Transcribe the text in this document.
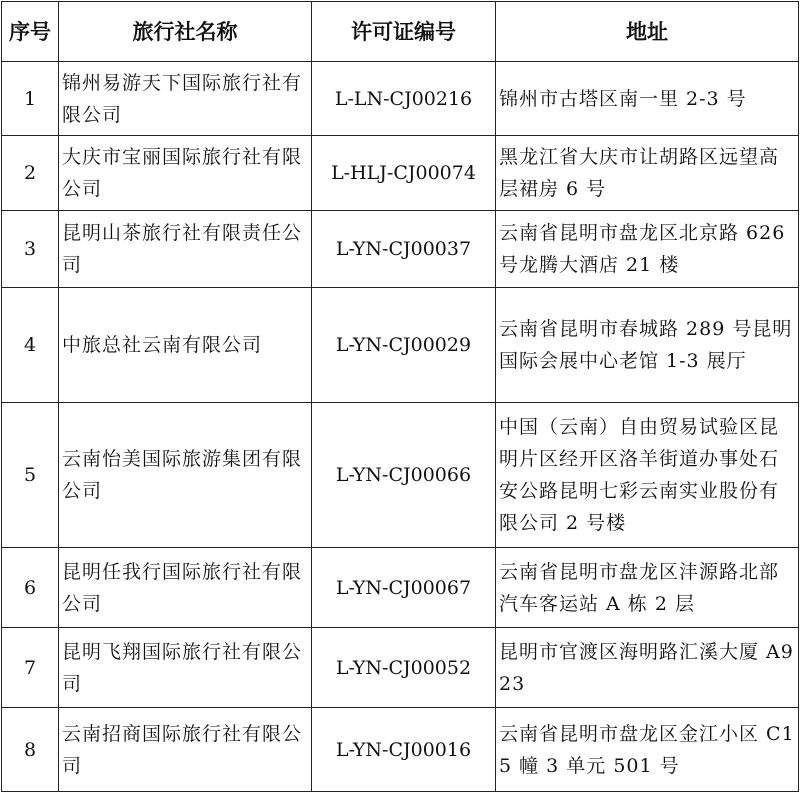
序号	旅行社名称	许可证编号	地址
1	锦州易游天下国际旅行社有限公司	L-LN-CJ00216	锦州市古塔区南一里 2-3 号
2	大庆市宝丽国际旅行社有限公司	L-HLJ-CJ00074	黑龙江省大庆市让胡路区远望高层裙房 6 号
3	昆明山茶旅行社有限责任公司	L-YN-CJ00037	云南省昆明市盘龙区北京路 626 号龙腾大酒店 21 楼
4	中旅总社云南有限公司	L-YN-CJ00029	云南省昆明市春城路 289 号昆明国际会展中心老馆 1-3 展厅
5	云南怡美国际旅游集团有限公司	L-YN-CJ00066	中国（云南）自由贸易试验区昆明片区经开区洛羊街道办事处石安公路昆明七彩云南实业股份有限公司 2 号楼
6	昆明任我行国际旅行社有限公司	L-YN-CJ00067	云南省昆明市盘龙区沣源路北部汽车客运站 A 栋 2 层
7	昆明飞翔国际旅行社有限公司	L-YN-CJ00052	昆明市官渡区海明路汇溪大厦 A923
8	云南招商国际旅行社有限公司	L-YN-CJ00016	云南省昆明市盘龙区金江小区 C15 幢 3 单元 501 号
